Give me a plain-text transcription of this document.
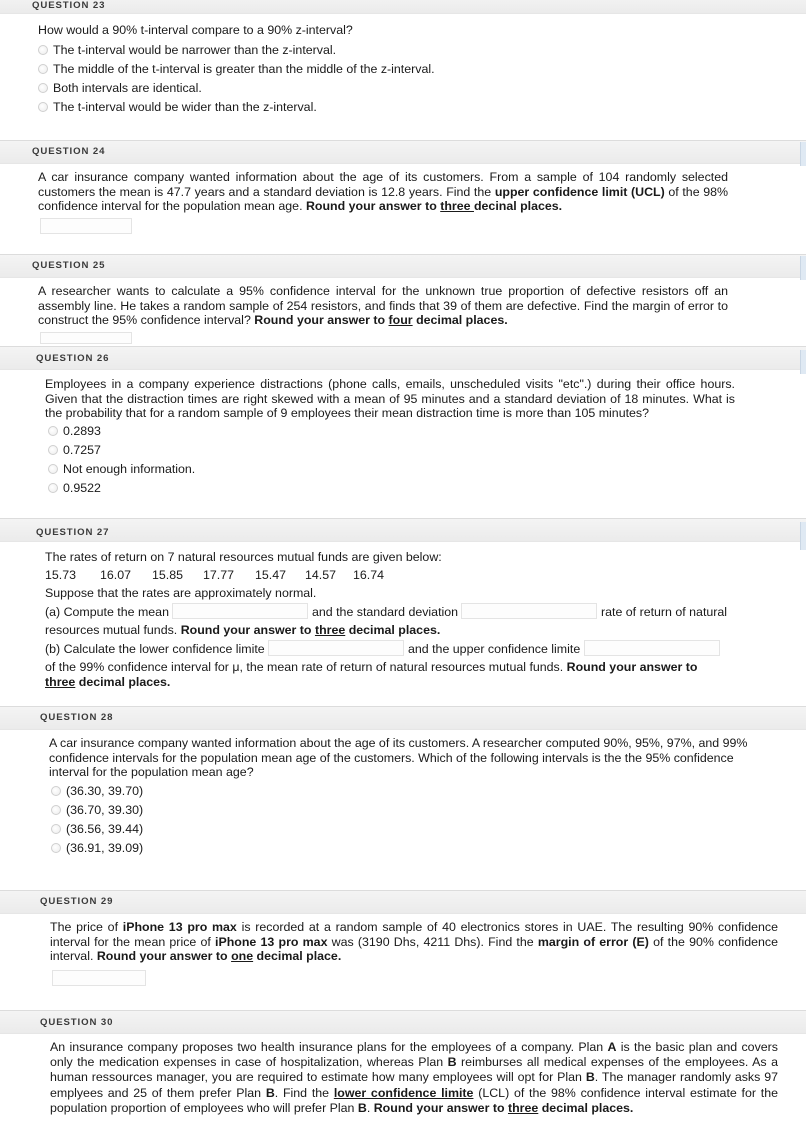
QUESTION 23
How would a 90% t-interval compare to a 90% z-interval?
The t-interval would be narrower than the z-interval.
The middle of the t-interval is greater than the middle of the z-interval.
Both intervals are identical.
The t-interval would be wider than the z-interval.
QUESTION 24
A car insurance company wanted information about the age of its customers. From a sample of 104 randomly selected customers the mean is 47.7 years and a standard deviation is 12.8 years. Find the upper confidence limit (UCL) of the 98% confidence interval for the population mean age. Round your answer to three decinal places.
QUESTION 25
A researcher wants to calculate a 95% confidence interval for the unknown true proportion of defective resistors off an assembly line. He takes a random sample of 254 resistors, and finds that 39 of them are defective. Find the margin of error to construct the 95% confidence interval? Round your answer to four decimal places.
QUESTION 26
Employees in a company experience distractions (phone calls, emails, unscheduled visits "etc".) during their office hours. Given that the distraction times are right skewed with a mean of 95 minutes and a standard deviation of 18 minutes. What is the probability that for a random sample of 9 employees their mean distraction time is more than 105 minutes?
0.2893
0.7257
Not enough information.
0.9522
QUESTION 27
The rates of return on 7 natural resources mutual funds are given below:
15.73 16.07 15.85 17.77 15.47 14.57 16.74
Suppose that the rates are approximately normal.
(a) Compute the mean	and the standard deviation	rate of return of natural
resources mutual funds. Round your answer to three decimal places.
(b) Calculate the lower confidence limite	and the upper confidence limite
of the 99% confidence interval for μ, the mean rate of return of natural resources mutual funds. Round your answer to
three decimal places.
QUESTION 28
A car insurance company wanted information about the age of its customers. A researcher computed 90%, 95%, 97%, and 99% confidence intervals for the population mean age of the customers. Which of the following intervals is the the 95% confidence interval for the population mean age?
(36.30, 39.70)
(36.70, 39.30)
(36.56, 39.44)
(36.91, 39.09)
QUESTION 29
The price of iPhone 13 pro max is recorded at a random sample of 40 electronics stores in UAE. The resulting 90% confidence interval for the mean price of iPhone 13 pro max was (3190 Dhs, 4211 Dhs). Find the margin of error (E) of the 90% confidence interval. Round your answer to one decimal place.
QUESTION 30
An insurance company proposes two health insurance plans for the employees of a company. Plan A is the basic plan and covers only the medication expenses in case of hospitalization, whereas Plan B reimburses all medical expenses of the employees. As a human ressources manager, you are required to estimate how many employees will opt for Plan B. The manager randomly asks 97 emplyees and 25 of them prefer Plan B. Find the lower confidence limite (LCL) of the 98% confidence interval estimate for the population proportion of employees who will prefer Plan B. Round your answer to three decimal places.
